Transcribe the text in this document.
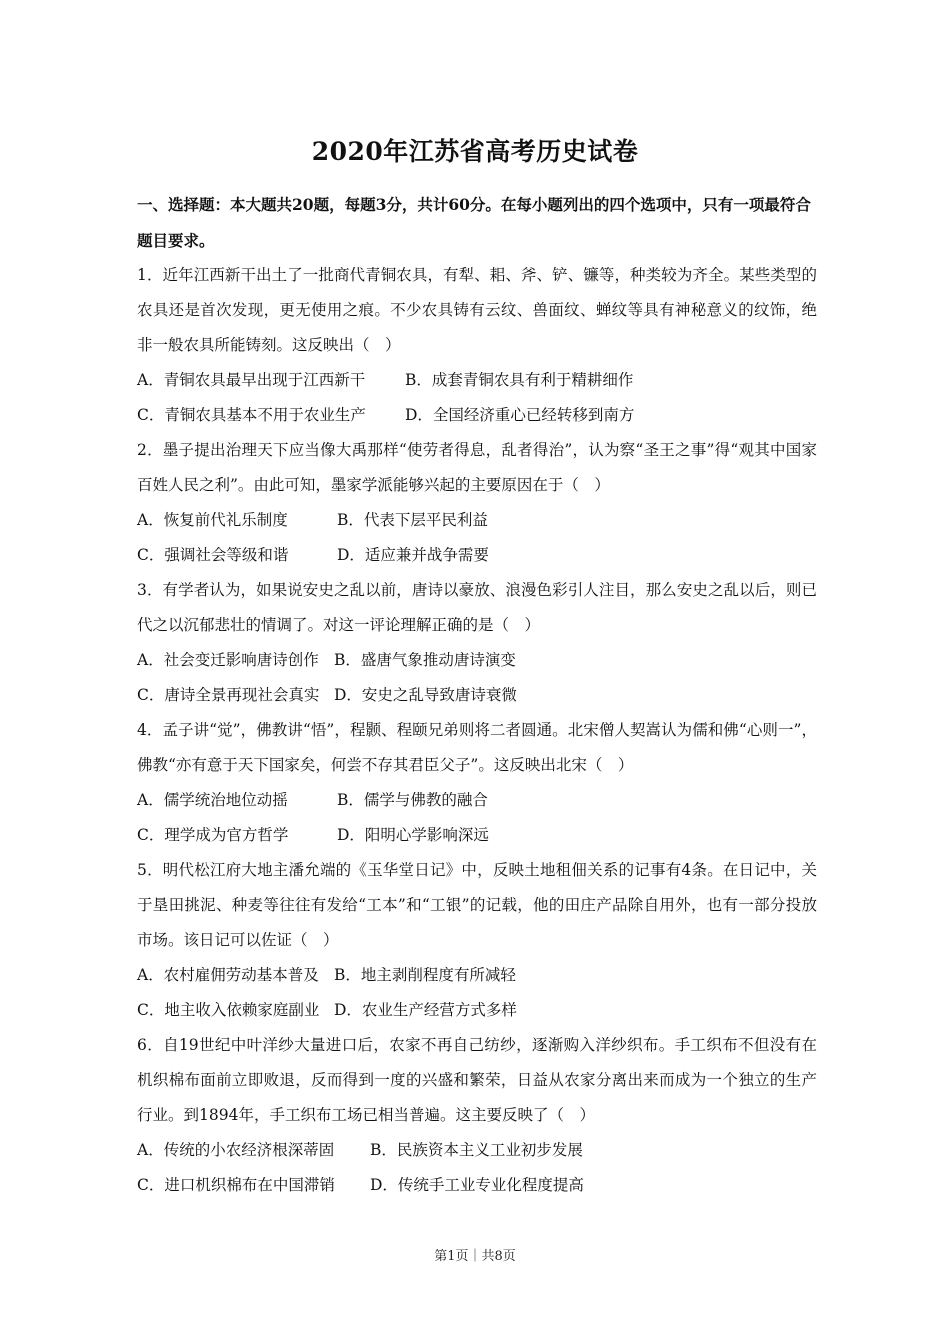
2020年江苏省高考历史试卷
一、选择题：本大题共20题，每题3分，共计60分。在每小题列出的四个选项中，只有一项最符合题目要求。

1．近年江西新干出土了一批商代青铜农具，有犁、耜、斧、铲、镰等，种类较为齐全。某些类型的农具还是首次发现，更无使用之痕。不少农具铸有云纹、兽面纹、蝉纹等具有神秘意义的纹饰，绝非一般农具所能铸刻。这反映出（　）

A．青铜农具最早出现于江西新干	B．成套青铜农具有利于精耕细作

C．青铜农具基本不用于农业生产	D．全国经济重心已经转移到南方

2．墨子提出治理天下应当像大禹那样“使劳者得息，乱者得治”，认为察“圣王之事”得“观其中国家百姓人民之利”。由此可知，墨家学派能够兴起的主要原因在于（　）

A．恢复前代礼乐制度	B．代表下层平民利益

C．强调社会等级和谐	D．适应兼并战争需要

3．有学者认为，如果说安史之乱以前，唐诗以豪放、浪漫色彩引人注目，那么安史之乱以后，则已代之以沉郁悲壮的情调了。对这一评论理解正确的是（　）

A．社会变迁影响唐诗创作 B．盛唐气象推动唐诗演变

C．唐诗全景再现社会真实 D．安史之乱导致唐诗衰微

4．孟子讲“觉”，佛教讲“悟”，程颢、程颐兄弟则将二者圆通。北宋僧人契嵩认为儒和佛“心则一”，佛教“亦有意于天下国家矣，何尝不存其君臣父子”。这反映出北宋（　）

A．儒学统治地位动摇	B．儒学与佛教的融合

C．理学成为官方哲学	D．阳明心学影响深远

5．明代松江府大地主潘允端的《玉华堂日记》中，反映土地租佃关系的记事有4条。在日记中，关于垦田挑泥、种麦等往往有发给“工本”和“工银”的记载，他的田庄产品除自用外，也有一部分投放市场。该日记可以佐证（　）

A．农村雇佣劳动基本普及 B．地主剥削程度有所减轻

C．地主收入依赖家庭副业 D．农业生产经营方式多样

6．自19世纪中叶洋纱大量进口后，农家不再自己纺纱，逐渐购入洋纱织布。手工织布不但没有在机织棉布面前立即败退，反而得到一度的兴盛和繁荣，日益从农家分离出来而成为一个独立的生产行业。到1894年，手工织布工场已相当普遍。这主要反映了（　）

A．传统的小农经济根深蒂固 B．民族资本主义工业初步发展

C．进口机织棉布在中国滞销 D．传统手工业专业化程度提高

第1页｜共8页
